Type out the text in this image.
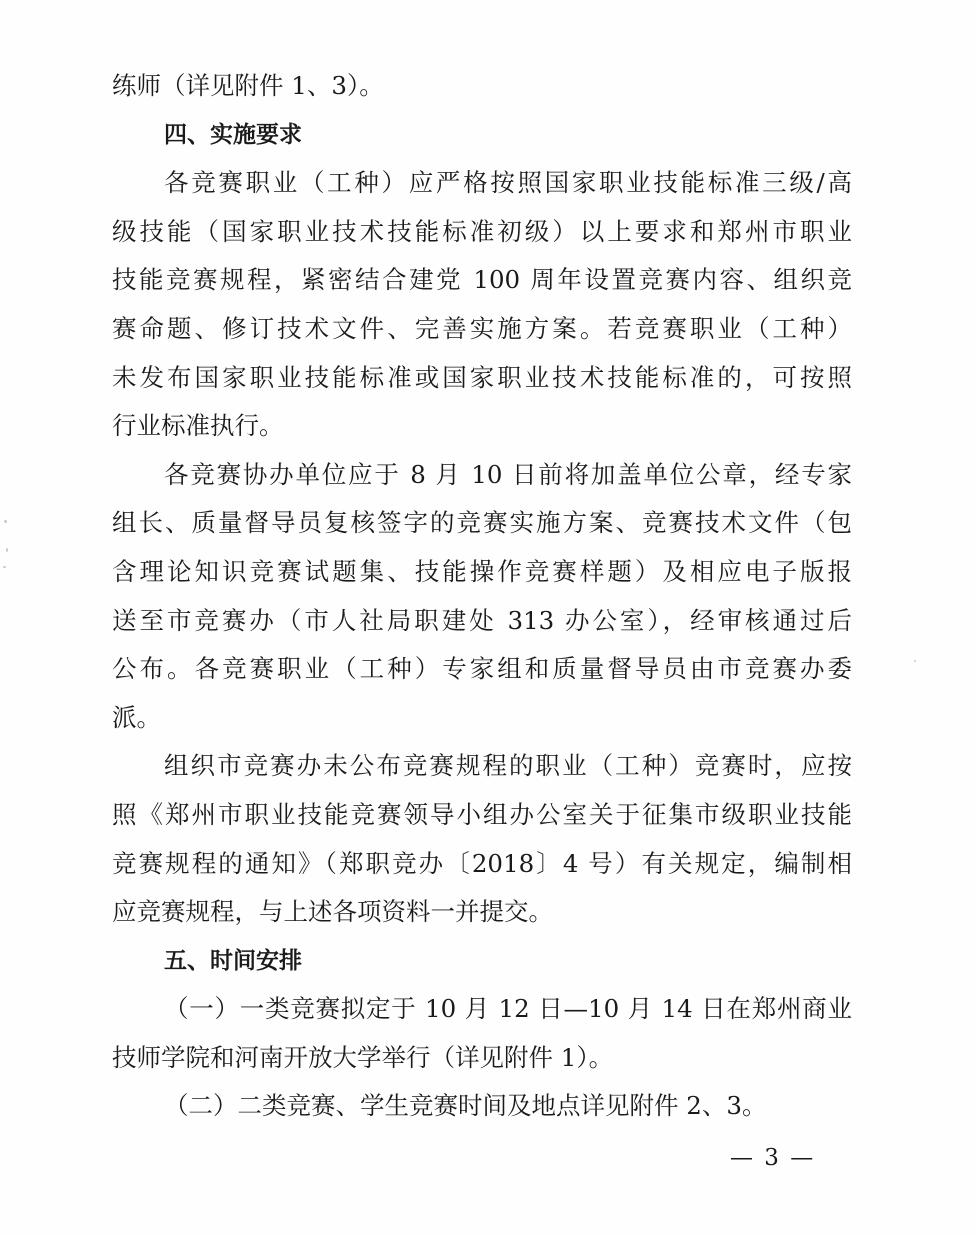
练师（详见附件 1、3）。
四、实施要求
各竞赛职业（工种）应严格按照国家职业技能标准三级/高
级技能（国家职业技术技能标准初级）以上要求和郑州市职业
技能竞赛规程，紧密结合建党 100 周年设置竞赛内容、组织竞
赛命题、修订技术文件、完善实施方案。若竞赛职业（工种）
未发布国家职业技能标准或国家职业技术技能标准的，可按照
行业标准执行。
各竞赛协办单位应于 8 月 10 日前将加盖单位公章，经专家
组长、质量督导员复核签字的竞赛实施方案、竞赛技术文件（包
含理论知识竞赛试题集、技能操作竞赛样题）及相应电子版报
送至市竞赛办（市人社局职建处 313 办公室），经审核通过后
公布。各竞赛职业（工种）专家组和质量督导员由市竞赛办委
派。
组织市竞赛办未公布竞赛规程的职业（工种）竞赛时，应按
照《郑州市职业技能竞赛领导小组办公室关于征集市级职业技能
竞赛规程的通知》（郑职竞办〔2018〕4 号）有关规定，编制相
应竞赛规程，与上述各项资料一并提交。
五、时间安排
（一）一类竞赛拟定于 10 月 12 日—10 月 14 日在郑州商业
技师学院和河南开放大学举行（详见附件 1）。
（二）二类竞赛、学生竞赛时间及地点详见附件 2、3。
— 3 —
